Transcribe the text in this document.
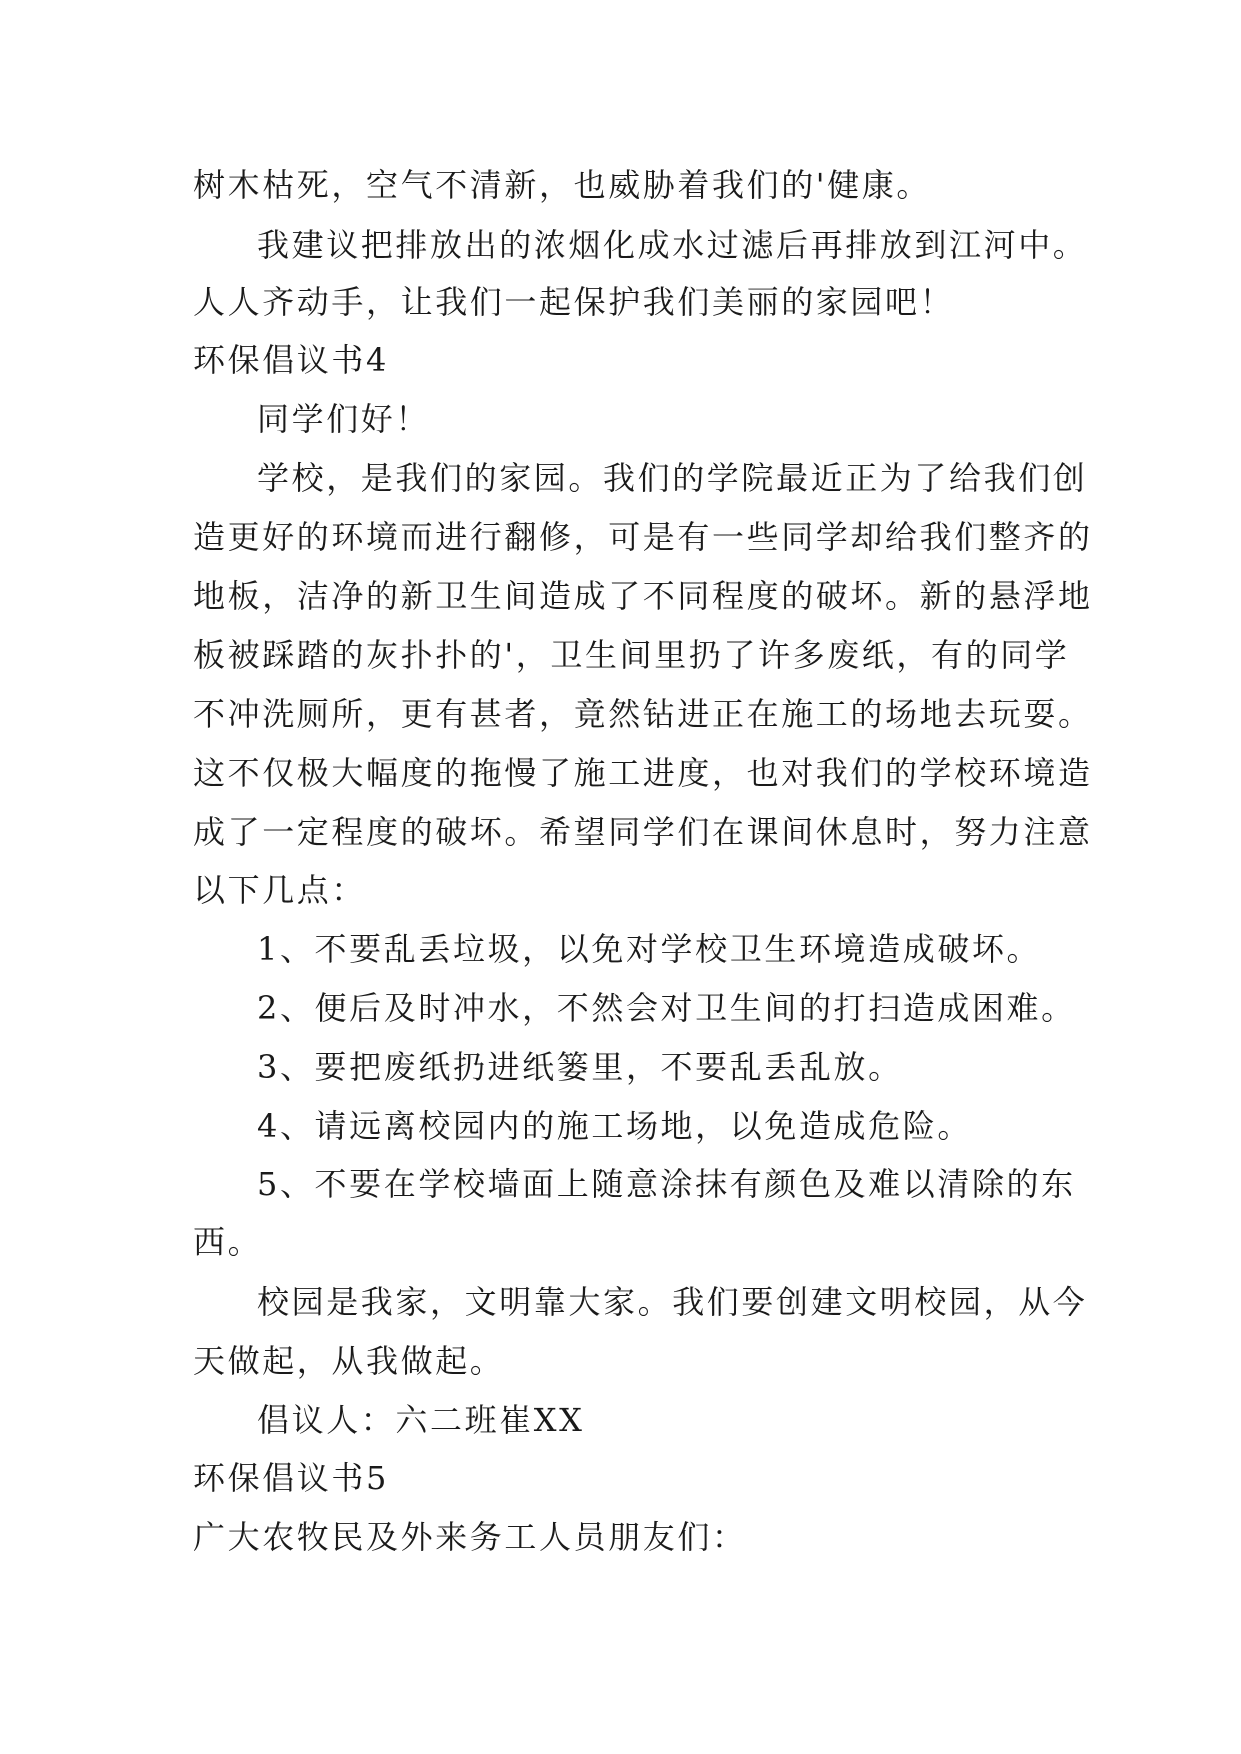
树木枯死，空气不清新，也威胁着我们的'健康。
我建议把排放出的浓烟化成水过滤后再排放到江河中。
人人齐动手，让我们一起保护我们美丽的家园吧！
环保倡议书4
同学们好！
学校，是我们的家园。我们的学院最近正为了给我们创
造更好的环境而进行翻修，可是有一些同学却给我们整齐的
地板，洁净的新卫生间造成了不同程度的破坏。新的悬浮地
板被踩踏的灰扑扑的'，卫生间里扔了许多废纸，有的同学
不冲洗厕所，更有甚者，竟然钻进正在施工的场地去玩耍。
这不仅极大幅度的拖慢了施工进度，也对我们的学校环境造
成了一定程度的破坏。希望同学们在课间休息时，努力注意
以下几点：
1、不要乱丢垃圾，以免对学校卫生环境造成破坏。
2、便后及时冲水，不然会对卫生间的打扫造成困难。
3、要把废纸扔进纸篓里，不要乱丢乱放。
4、请远离校园内的施工场地，以免造成危险。
5、不要在学校墙面上随意涂抹有颜色及难以清除的东
西。
校园是我家，文明靠大家。我们要创建文明校园，从今
天做起，从我做起。
倡议人：六二班崔XX
环保倡议书5
广大农牧民及外来务工人员朋友们：
